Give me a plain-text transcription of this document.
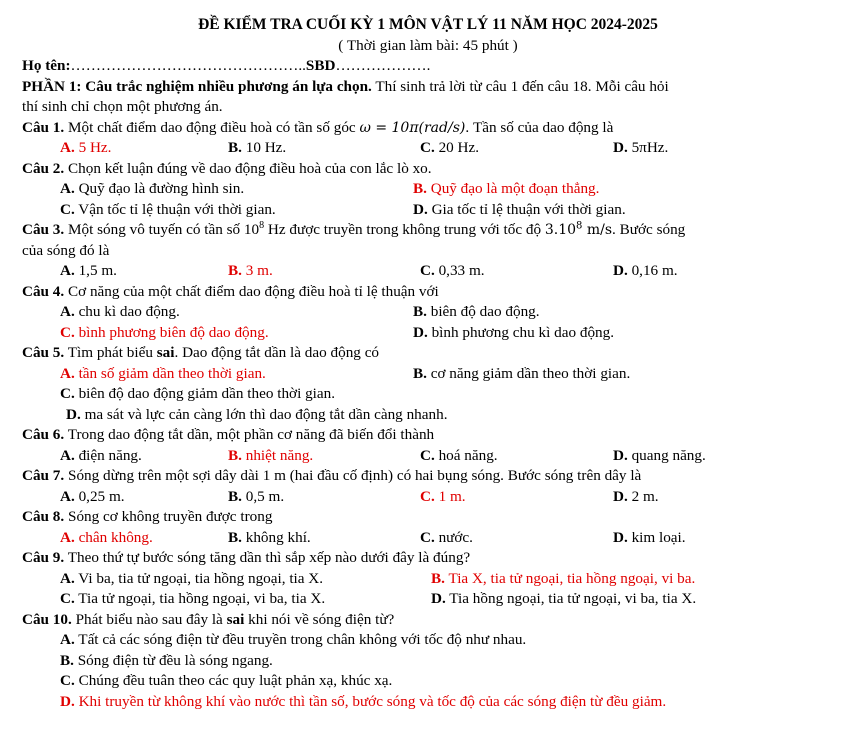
ĐỀ KIỂM TRA CUỐI KỲ 1 MÔN VẬT LÝ 11 NĂM HỌC 2024-2025
( Thời gian làm bài: 45 phút )
Họ tên:………………………………………..SBD……………….
PHẦN 1: Câu trắc nghiệm nhiều phương án lựa chọn. Thí sinh trả lời từ câu 1 đến câu 18. Mỗi câu hỏi
thí sinh chỉ chọn một phương án.
Câu 1. Một chất điểm dao động điều hoà có tần số góc ω = 10π(rad/s). Tần số của dao động là
A. 5 Hz.	B. 10 Hz.	C. 20 Hz.	D. 5πHz.
Câu 2. Chọn kết luận đúng về dao động điều hoà của con lắc lò xo.
A. Quỹ đạo là đường hình sin.	B. Quỹ đạo là một đoạn thẳng.
C. Vận tốc tỉ lệ thuận với thời gian.	D. Gia tốc tỉ lệ thuận với thời gian.
Câu 3. Một sóng vô tuyến có tần số $10^8$ Hz được truyền trong không trung với tốc độ 3.10$^8$ m/s. Bước sóng
của sóng đó là
A. 1,5 m.	B. 3 m.	C. 0,33 m.	D. 0,16 m.
Câu 4. Cơ năng của một chất điểm dao động điều hoà tỉ lệ thuận với
A. chu kì dao động.	B. biên độ dao động.
C. bình phương biên độ dao động.	D. bình phương chu kì dao động.
Câu 5. Tìm phát biểu sai. Dao động tắt dần là dao động có
A. tần số giảm dần theo thời gian.	B. cơ năng giảm dần theo thời gian.
C. biên độ dao động giảm dần theo thời gian.
D. ma sát và lực cản càng lớn thì dao động tắt dần càng nhanh.
Câu 6. Trong dao động tắt dần, một phần cơ năng đã biến đổi thành
A. điện năng.	B. nhiệt năng.	C. hoá năng.	D. quang năng.
Câu 7. Sóng dừng trên một sợi dây dài 1 m (hai đầu cố định) có hai bụng sóng. Bước sóng trên dây là
A. 0,25 m.	B. 0,5 m.	C. 1 m.	D. 2 m.
Câu 8. Sóng cơ không truyền được trong
A. chân không.	B. không khí.	C. nước.	D. kim loại.
Câu 9. Theo thứ tự bước sóng tăng dần thì sắp xếp nào dưới đây là đúng?
A. Vi ba, tia tử ngoại, tia hồng ngoại, tia X.	B. Tia X, tia tử ngoại, tia hồng ngoại, vi ba.
C. Tia tử ngoại, tia hồng ngoại, vi ba, tia X.	D. Tia hồng ngoại, tia tử ngoại, vi ba, tia X.
Câu 10. Phát biểu nào sau đây là sai khi nói về sóng điện từ?
A. Tất cả các sóng điện từ đều truyền trong chân không với tốc độ như nhau.
B. Sóng điện từ đều là sóng ngang.
C. Chúng đều tuân theo các quy luật phản xạ, khúc xạ.
D. Khi truyền từ không khí vào nước thì tần số, bước sóng và tốc độ của các sóng điện từ đều giảm.
